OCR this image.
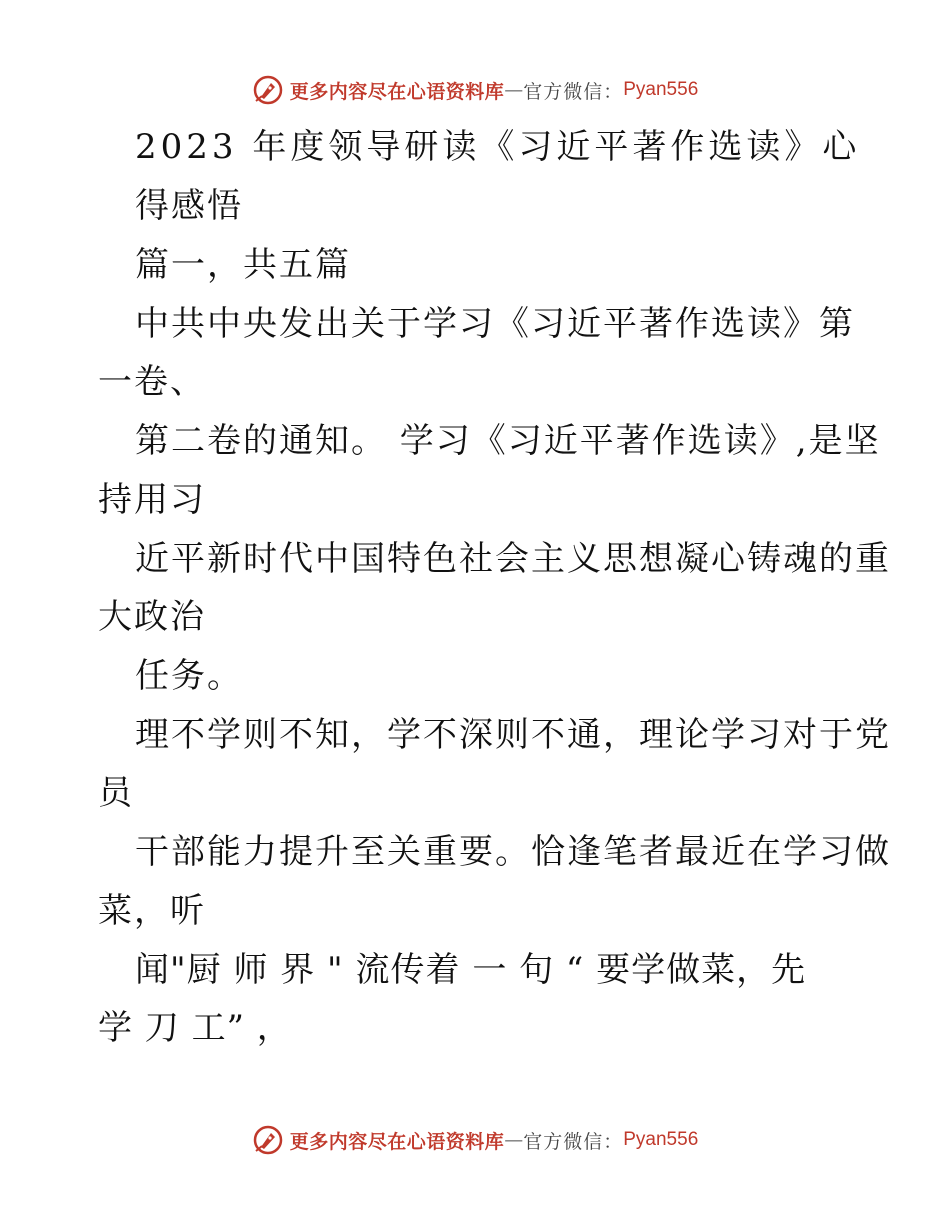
更多内容尽在心语资料库 — 官方微信： Pyan556
2023 年度领导研读《习近平著作选读》心
得感悟
篇一，共五篇
中共中央发出关于学习《习近平著作选读》第
一卷、
第二卷的通知。 学习《习近平著作选读》,是坚
持用习
近平新时代中国特色社会主义思想凝心铸魂的重
大政治
任务。
理不学则不知，学不深则不通，理论学习对于党
员
干部能力提升至关重要。恰逢笔者最近在学习做
菜，听
闻"厨 师 界 " 流传着 一 句 “ 要学做菜，先
学 刀 工” ，
更多内容尽在心语资料库 — 官方微信： Pyan556
